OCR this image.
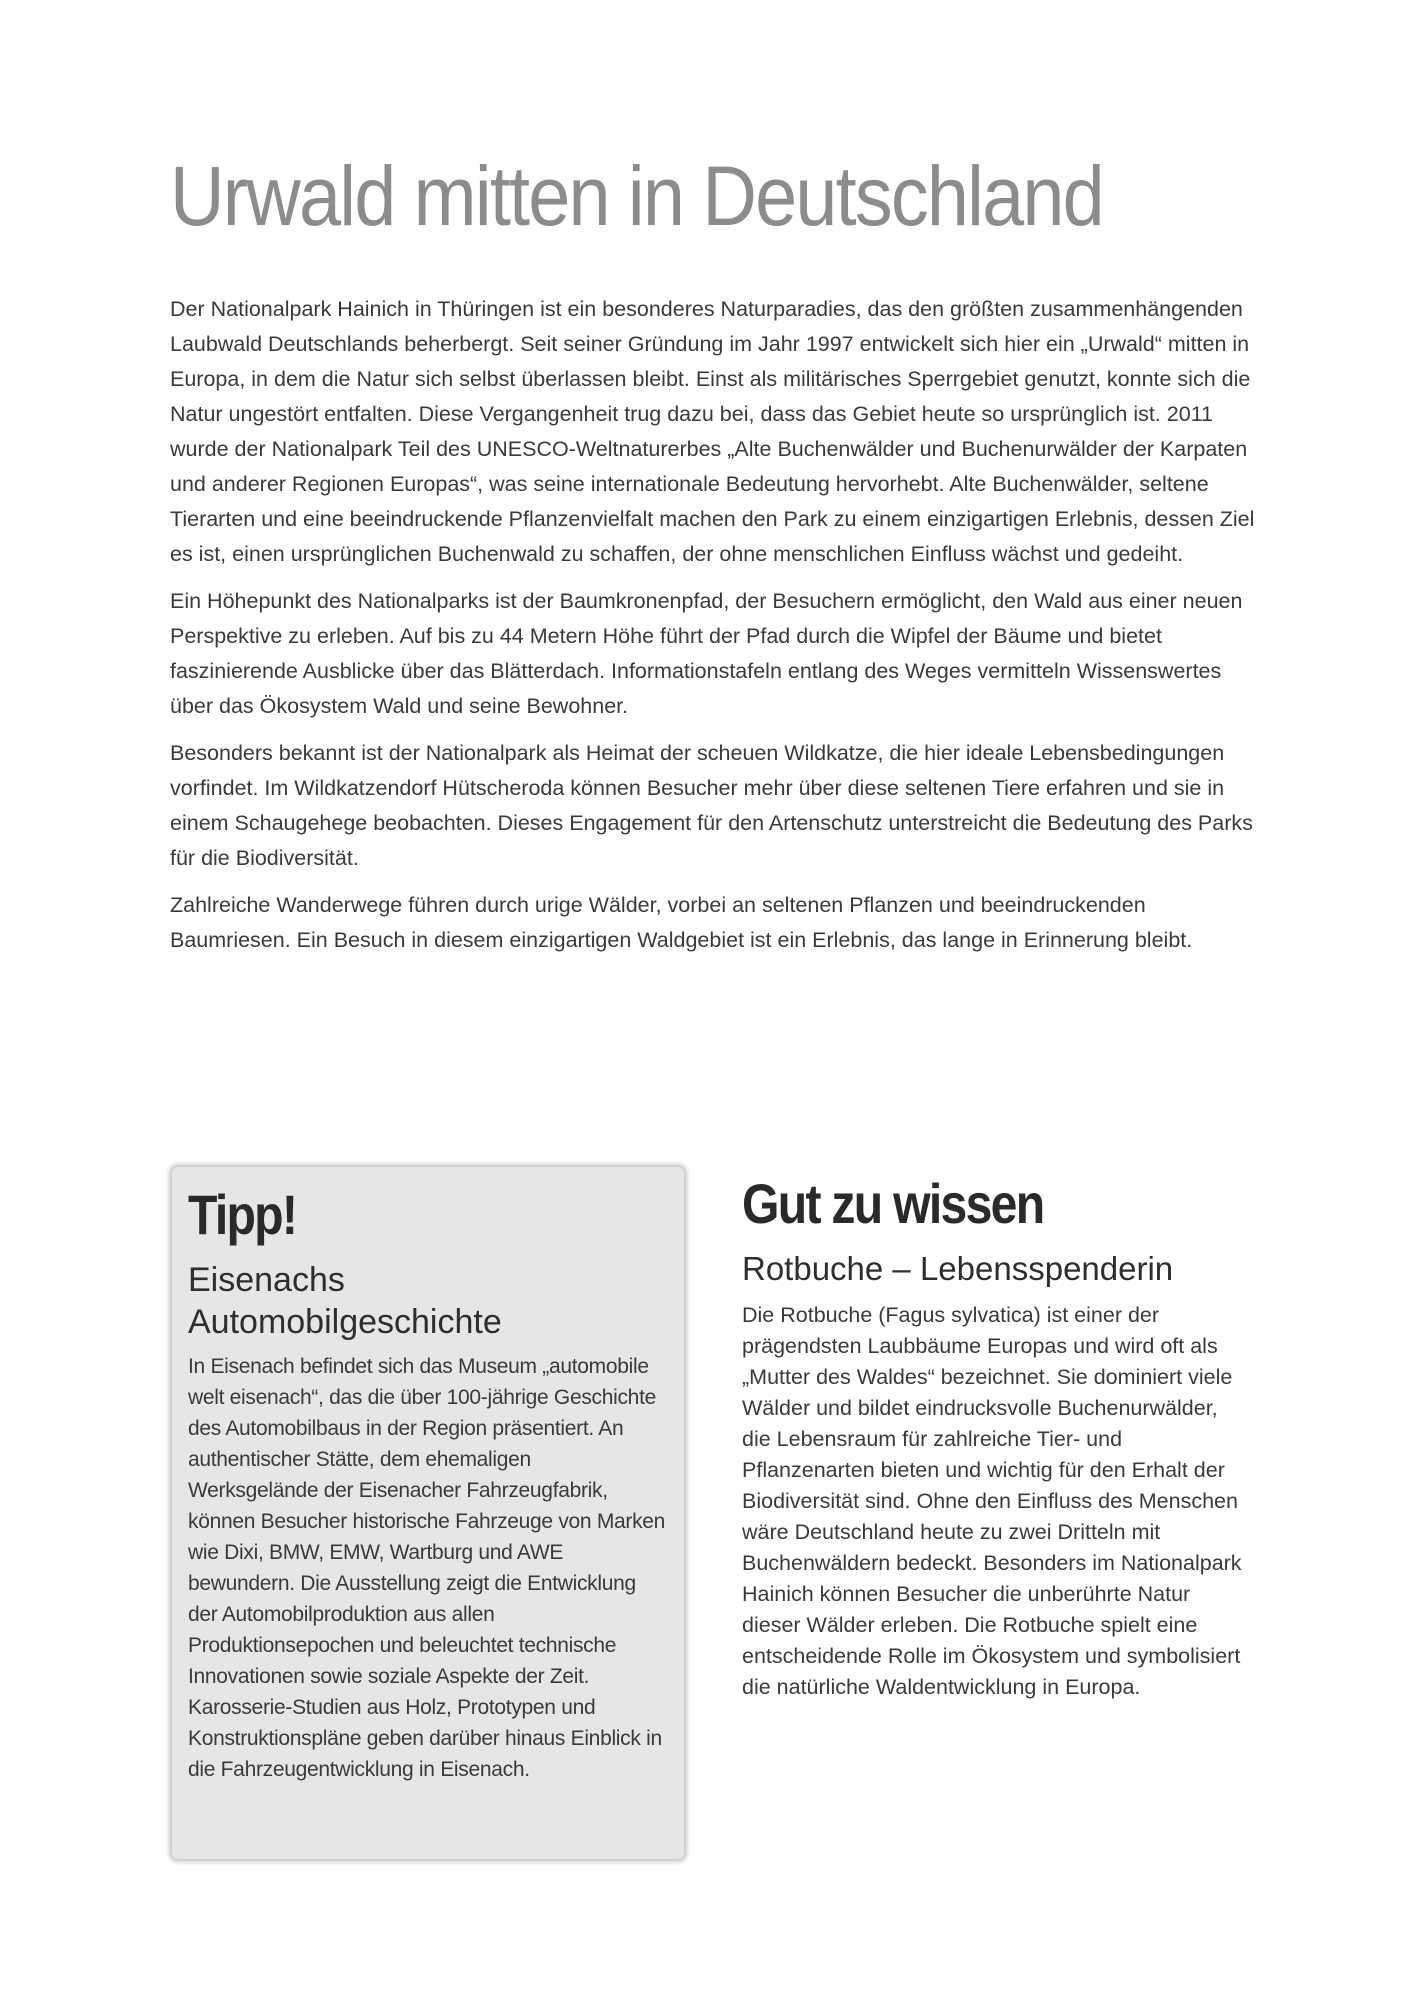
Urwald mitten in Deutschland

Der Nationalpark Hainich in Thüringen ist ein besonderes Naturparadies, das den größten zusammenhängenden Laubwald Deutschlands beherbergt. Seit seiner Gründung im Jahr 1997 entwickelt sich hier ein „Urwald“ mitten in Europa, in dem die Natur sich selbst überlassen bleibt. Einst als militärisches Sperrgebiet genutzt, konnte sich die Natur ungestört entfalten. Diese Vergangenheit trug dazu bei, dass das Gebiet heute so ursprünglich ist. 2011 wurde der Nationalpark Teil des UNESCO-Weltnaturerbes „Alte Buchenwälder und Buchenurwälder der Karpaten und anderer Regionen Europas“, was seine internationale Bedeutung hervorhebt. Alte Buchenwälder, seltene Tierarten und eine beeindruckende Pflanzenvielfalt machen den Park zu einem einzigartigen Erlebnis, dessen Ziel es ist, einen ursprünglichen Buchenwald zu schaffen, der ohne menschlichen Einfluss wächst und gedeiht.

Ein Höhepunkt des Nationalparks ist der Baumkronenpfad, der Besuchern ermöglicht, den Wald aus einer neuen Perspektive zu erleben. Auf bis zu 44 Metern Höhe führt der Pfad durch die Wipfel der Bäume und bietet faszinierende Ausblicke über das Blätterdach. Informationstafeln entlang des Weges vermitteln Wissenswertes über das Ökosystem Wald und seine Bewohner.

Besonders bekannt ist der Nationalpark als Heimat der scheuen Wildkatze, die hier ideale Lebensbedingungen vorfindet. Im Wildkatzendorf Hütscheroda können Besucher mehr über diese seltenen Tiere erfahren und sie in einem Schaugehege beobachten. Dieses Engagement für den Artenschutz unterstreicht die Bedeutung des Parks für die Biodiversität.

Zahlreiche Wanderwege führen durch urige Wälder, vorbei an seltenen Pflanzen und beeindruckenden Baumriesen. Ein Besuch in diesem einzigartigen Waldgebiet ist ein Erlebnis, das lange in Erinnerung bleibt.

Tipp!
Eisenachs Automobilgeschichte

In Eisenach befindet sich das Museum „automobile welt eisenach“, das die über 100-jährige Geschichte des Automobilbaus in der Region präsentiert. An authentischer Stätte, dem ehemaligen Werksgelände der Eisenacher Fahrzeugfabrik, können Besucher historische Fahrzeuge von Marken wie Dixi, BMW, EMW, Wartburg und AWE bewundern. Die Ausstellung zeigt die Entwicklung der Automobilproduktion aus allen Produktionsepochen und beleuchtet technische Innovationen sowie soziale Aspekte der Zeit. Karosserie-Studien aus Holz, Prototypen und Konstruktionspläne geben darüber hinaus Einblick in die Fahrzeugentwicklung in Eisenach.

Gut zu wissen
Rotbuche – Lebensspenderin

Die Rotbuche (Fagus sylvatica) ist einer der prägendsten Laubbäume Europas und wird oft als „Mutter des Waldes“ bezeichnet. Sie dominiert viele Wälder und bildet eindrucksvolle Buchenurwälder, die Lebensraum für zahlreiche Tier- und Pflanzenarten bieten und wichtig für den Erhalt der Biodiversität sind. Ohne den Einfluss des Menschen wäre Deutschland heute zu zwei Dritteln mit Buchenwäldern bedeckt. Besonders im Nationalpark Hainich können Besucher die unberührte Natur dieser Wälder erleben. Die Rotbuche spielt eine entscheidende Rolle im Ökosystem und symbolisiert die natürliche Waldentwicklung in Europa.
